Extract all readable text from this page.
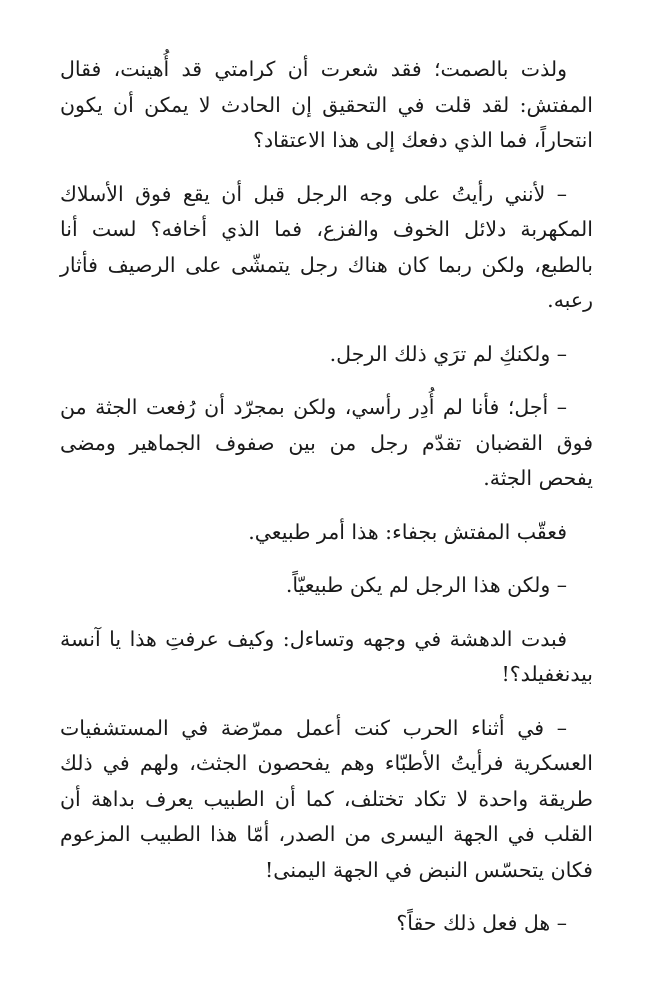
ولذت بالصمت؛ فقد شعرت أن كرامتي قد أُهينت، فقال المفتش: لقد قلت في التحقيق إن الحادث لا يمكن أن يكون انتحاراً، فما الذي دفعك إلى هذا الاعتقاد؟

– لأنني رأيتُ على وجه الرجل قبل أن يقع فوق الأسلاك المكهربة دلائل الخوف والفزع، فما الذي أخافه؟ لست أنا بالطبع، ولكن ربما كان هناك رجل يتمشّى على الرصيف فأثار رعبه.

– ولكنكِ لم ترَي ذلك الرجل.

– أجل؛ فأنا لم أُدِر رأسي، ولكن بمجرّد أن رُفعت الجثة من فوق القضبان تقدّم رجل من بين صفوف الجماهير ومضى يفحص الجثة.

فعقّب المفتش بجفاء: هذا أمر طبيعي.

– ولكن هذا الرجل لم يكن طبيعيّاً.

فبدت الدهشة في وجهه وتساءل: وكيف عرفتِ هذا يا آنسة بيدنغفيلد؟!

– في أثناء الحرب كنت أعمل ممرّضة في المستشفيات العسكرية فرأيتُ الأطبّاء وهم يفحصون الجثث، ولهم في ذلك طريقة واحدة لا تكاد تختلف، كما أن الطبيب يعرف بداهة أن القلب في الجهة اليسرى من الصدر، أمّا هذا الطبيب المزعوم فكان يتحسّس النبض في الجهة اليمنى!

– هل فعل ذلك حقاً؟
